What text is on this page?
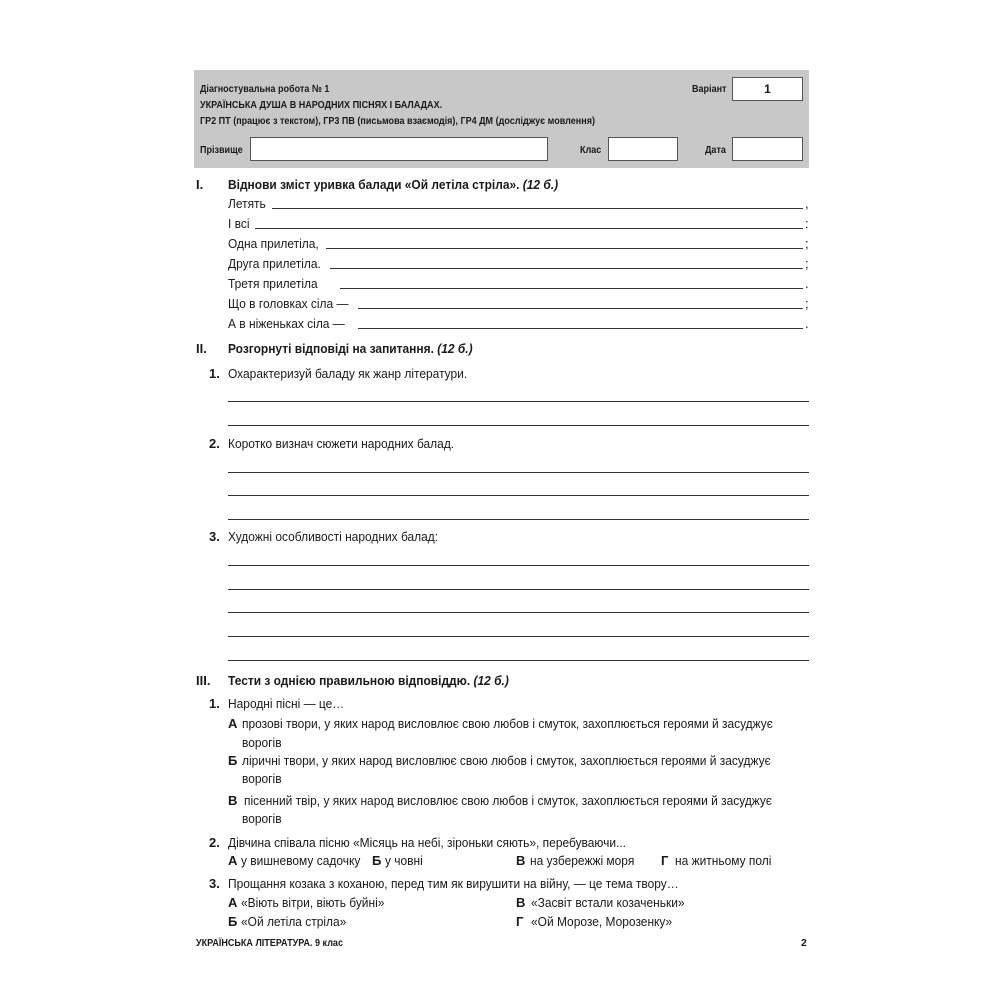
Діагностувальна робота № 1
УКРАЇНСЬКА ДУША В НАРОДНИХ ПІСНЯХ І БАЛАДАХ.
ГР2 ПТ (працює з текстом), ГР3 ПВ (письмова взаємодія), ГР4 ДМ (досліджує мовлення)
Варіант	1
Прізвище	Клас	Дата
I. Віднови зміст уривка балади «Ой летіла стріла». (12 б.)
Летять	,
І всі	:
Одна прилетіла,	;
Друга прилетіла.	;
Третя прилетіла	.
Що в головках сіла —	;
А в ніженьках сіла —	.
II. Розгорнуті відповіді на запитання. (12 б.)
1. Охарактеризуй баладу як жанр літератури.
2. Коротко визнач сюжети народних балад.
3. Художні особливості народних балад:
III. Тести з однією правильною відповіддю. (12 б.)
1. Народні пісні — це…
А прозові твори, у яких народ висловлює свою любов і смуток, захоплюється героями й засуджує
ворогів
Б ліричні твори, у яких народ висловлює свою любов і смуток, захоплюється героями й засуджує
ворогів
В пісенний твір, у яких народ висловлює свою любов і смуток, захоплюється героями й засуджує
ворогів
2. Дівчина співала пісню «Місяць на небі, зіроньки сяють», перебуваючи...
А у вишневому садочку Б у човні	В на узбережжі моря Г на житньому полі
3. Прощання козака з коханою, перед тим як вирушити на війну, — це тема твору…
А «Віють вітри, віють буйні»	В «Засвіт встали козаченьки»
Б «Ой летіла стріла»	Г «Ой Морозе, Морозенку»
УКРАЇНСЬКА ЛІТЕРАТУРА. 9 клас	2
